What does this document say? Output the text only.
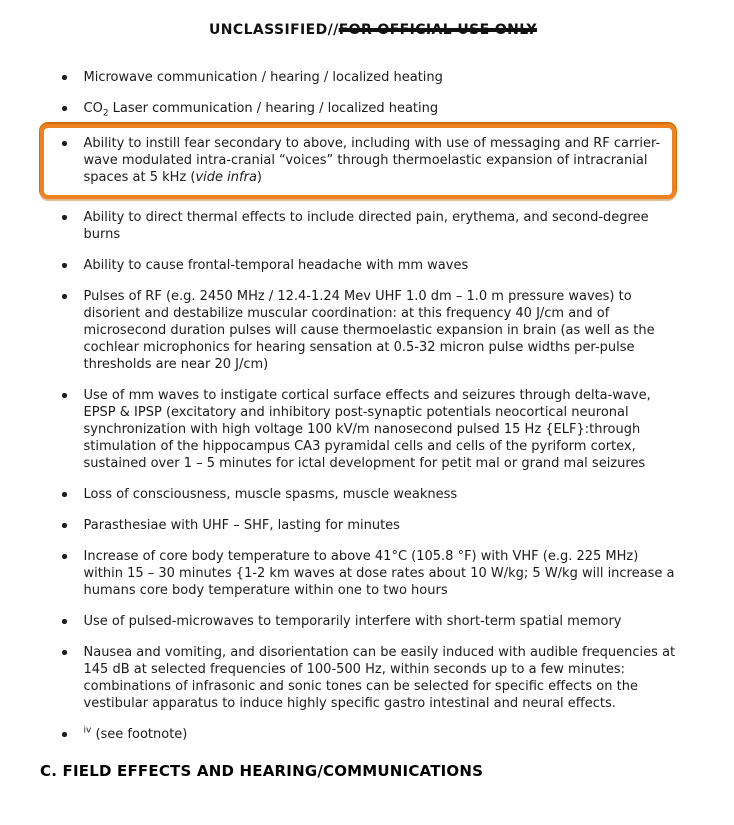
UNCLASSIFIED//FOR OFFICIAL USE ONLY
Microwave communication / hearing / localized heating
$CO_2$ Laser communication / hearing / localized heating
Ability to instill fear secondary to above, including with use of messaging and RF carrier-wave modulated intra-cranial “voices” through thermoelastic expansion of intracranial spaces at 5 kHz (vide infra)
Ability to direct thermal effects to include directed pain, erythema, and second-degree burns
Ability to cause frontal-temporal headache with mm waves
Pulses of RF (e.g. 2450 MHz / 12.4-1.24 Mev UHF 1.0 dm – 1.0 m pressure waves) to disorient and destabilize muscular coordination: at this frequency 40 J/cm and of microsecond duration pulses will cause thermoelastic expansion in brain (as well as the cochlear microphonics for hearing sensation at 0.5-32 micron pulse widths per-pulse thresholds are near 20 J/cm)
Use of mm waves to instigate cortical surface effects and seizures through delta-wave, EPSP & IPSP (excitatory and inhibitory post-synaptic potentials neocortical neuronal synchronization with high voltage 100 kV/m nanosecond pulsed 15 Hz {ELF}:through stimulation of the hippocampus CA3 pyramidal cells and cells of the pyriform cortex, sustained over 1 – 5 minutes for ictal development for petit mal or grand mal seizures
Loss of consciousness, muscle spasms, muscle weakness
Parasthesiae with UHF – SHF, lasting for minutes
Increase of core body temperature to above 41°C (105.8 °F) with VHF (e.g. 225 MHz) within 15 – 30 minutes {1-2 km waves at dose rates about 10 W/kg; 5 W/kg will increase a humans core body temperature within one to two hours
Use of pulsed-microwaves to temporarily interfere with short-term spatial memory
Nausea and vomiting, and disorientation can be easily induced with audible frequencies at 145 dB at selected frequencies of 100-500 Hz, within seconds up to a few minutes: combinations of infrasonic and sonic tones can be selected for specific effects on the vestibular apparatus to induce highly specific gastro intestinal and neural effects.
$^{iv}$ (see footnote)
C. FIELD EFFECTS AND HEARING/COMMUNICATIONS
